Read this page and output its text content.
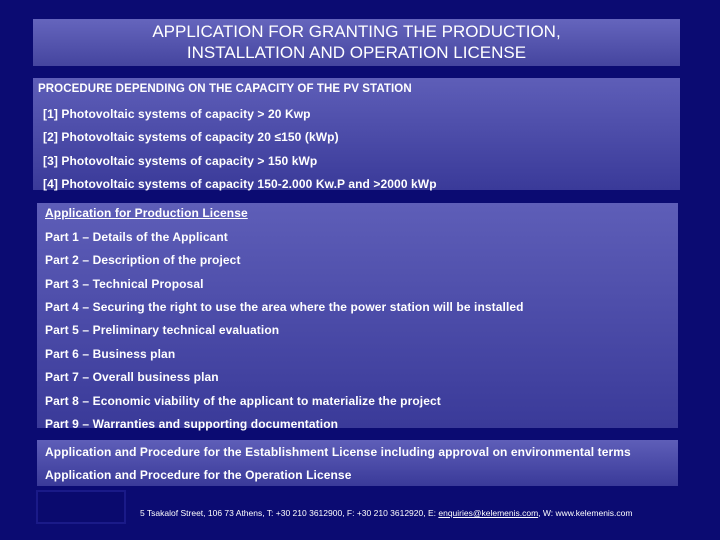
APPLICATION FOR GRANTING THE PRODUCTION,
INSTALLATION AND OPERATION LICENSE
PROCEDURE DEPENDING ON THE CAPACITY OF THE PV STATION
[1] Photovoltaic systems of capacity > 20 Kwp
[2] Photovoltaic systems of capacity 20 ≤150 (kWp)
[3] Photovoltaic systems of capacity > 150 kWp
[4] Photovoltaic systems of capacity 150-2.000 Kw.P and >2000 kWp
Application for Production License
Part 1 – Details of the Applicant
Part 2 – Description of the project
Part 3 – Technical Proposal
Part 4 – Securing the right to use the area where the power station will be installed
Part 5 – Preliminary technical evaluation
Part 6 – Business plan
Part 7 – Overall business plan
Part 8 – Economic viability of the applicant to materialize the project
Part 9 – Warranties and supporting documentation
Application and Procedure for the Establishment License including approval on environmental terms
Application and Procedure for the Operation License
5 Tsakalof Street, 106 73 Athens, T: +30 210 3612900, F: +30 210 3612920, E: enquiries@kelemenis.com, W: www.kelemenis.com
